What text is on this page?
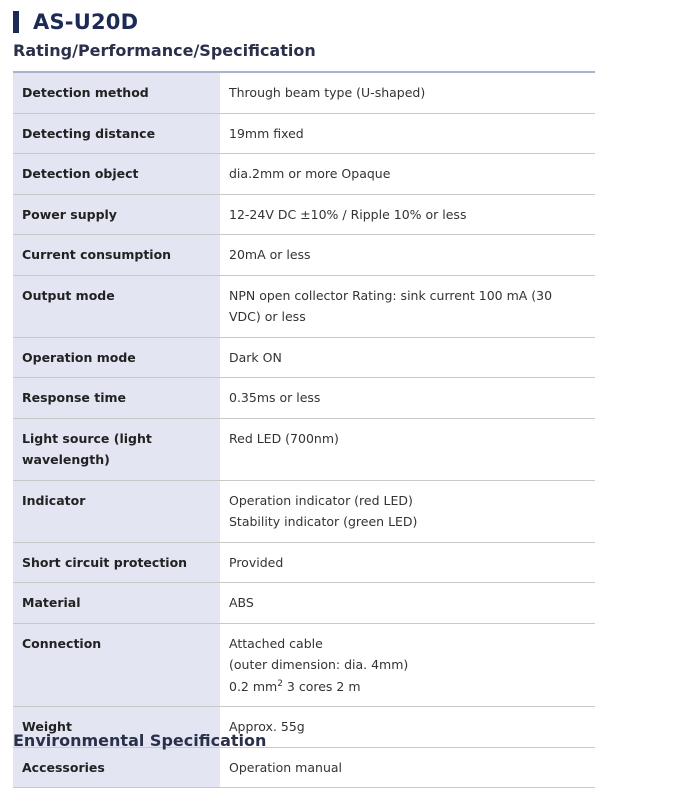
AS-U20D
Rating/Performance/Specification
Detection method	Through beam type (U-shaped)
Detecting distance	19mm fixed
Detection object	dia.2mm or more Opaque
Power supply	12-24V DC ±10% / Ripple 10% or less
Current consumption	20mA or less
Output mode	NPN open collector Rating: sink current 100 mA (30 VDC) or less
Operation mode	Dark ON
Response time	0.35ms or less
Light source (light wavelength)	Red LED (700nm)
Indicator	Operation indicator (red LED)
Stability indicator (green LED)

Short circuit protection	Provided
Material	ABS
Connection	Attached cable
(outer dimension: dia. 4mm)
0.2 $mm^2$ 3 cores 2 m

Weight	Approx. 55g
Accessories	Operation manual
Environmental Specification
